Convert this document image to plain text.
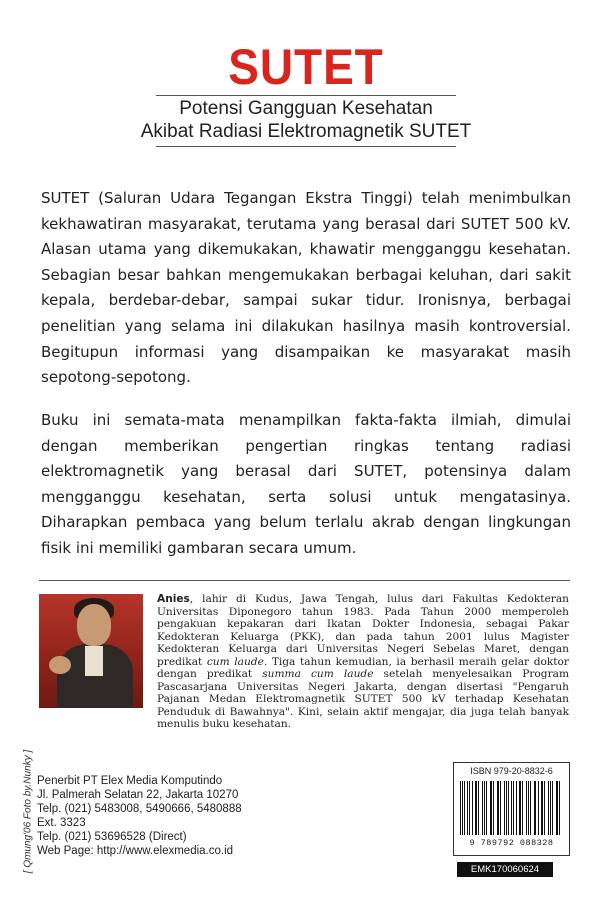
SUTET
Potensi Gangguan Kesehatan
Akibat Radiasi Elektromagnetik SUTET

SUTET (Saluran Udara Tegangan Ekstra Tinggi) telah menimbulkan kekhawatiran masyarakat, terutama yang berasal dari SUTET 500 kV. Alasan utama yang dikemukakan, khawatir mengganggu kesehatan. Sebagian besar bahkan mengemukakan berbagai keluhan, dari sakit kepala, berdebar-debar, sampai sukar tidur. Ironisnya, berbagai penelitian yang selama ini dilakukan hasilnya masih kontroversial. Begitupun informasi yang disampaikan ke masyarakat masih sepotong-sepotong.

Buku ini semata-mata menampilkan fakta-fakta ilmiah, dimulai dengan memberikan pengertian ringkas tentang radiasi elektromagnetik yang berasal dari SUTET, potensinya dalam mengganggu kesehatan, serta solusi untuk mengatasinya. Diharapkan pembaca yang belum terlalu akrab dengan lingkungan fisik ini memiliki gambaran secara umum.

Anies, lahir di Kudus, Jawa Tengah, lulus dari Fakultas Kedokteran Universitas Diponegoro tahun 1983. Pada Tahun 2000 memperoleh pengakuan kepakaran dari Ikatan Dokter Indonesia, sebagai Pakar Kedokteran Keluarga (PKK), dan pada tahun 2001 lulus Magister Kedokteran Keluarga dari Universitas Negeri Sebelas Maret, dengan predikat cum laude. Tiga tahun kemudian, ia berhasil meraih gelar doktor dengan predikat summa cum laude setelah menyelesaikan Program Pascasarjana Universitas Negeri Jakarta, dengan disertasi "Pengaruh Pajanan Medan Elektromagnetik SUTET 500 kV terhadap Kesehatan Penduduk di Bawahnya". Kini, selain aktif mengajar, dia juga telah banyak menulis buku kesehatan.

[ Qmung'06 Foto by.Nunky ] Penerbit PT Elex Media Komputindo
Jl. Palmerah Selatan 22, Jakarta 10270
Telp. (021) 5483008, 5490666, 5480888
Ext. 3323
Telp. (021) 53696528 (Direct)
Web Page: http://www.elexmedia.co.id
ISBN 979-20-8832-6
9 789792 088328
EMK170060624
